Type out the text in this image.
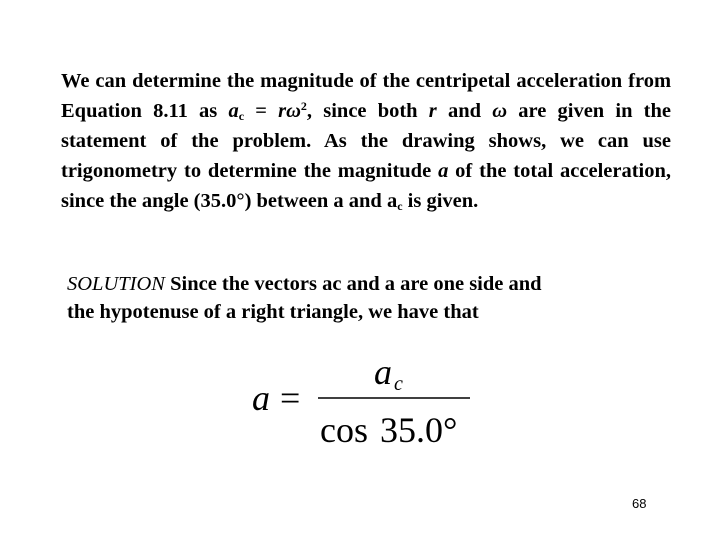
We can determine the magnitude of the centripetal acceleration from Equation 8.11 as $a_c = r\omega^2$, since both r and ω are given in the statement of the problem. As the drawing shows, we can use trigonometry to determine the magnitude a of the total acceleration, since the angle (35.0°) between a and $a_c$ is given.

SOLUTION Since the vectors ac and a are one side and
the hypotenuse of a right triangle, we have that

a =
a c
cos 35.0°
68
